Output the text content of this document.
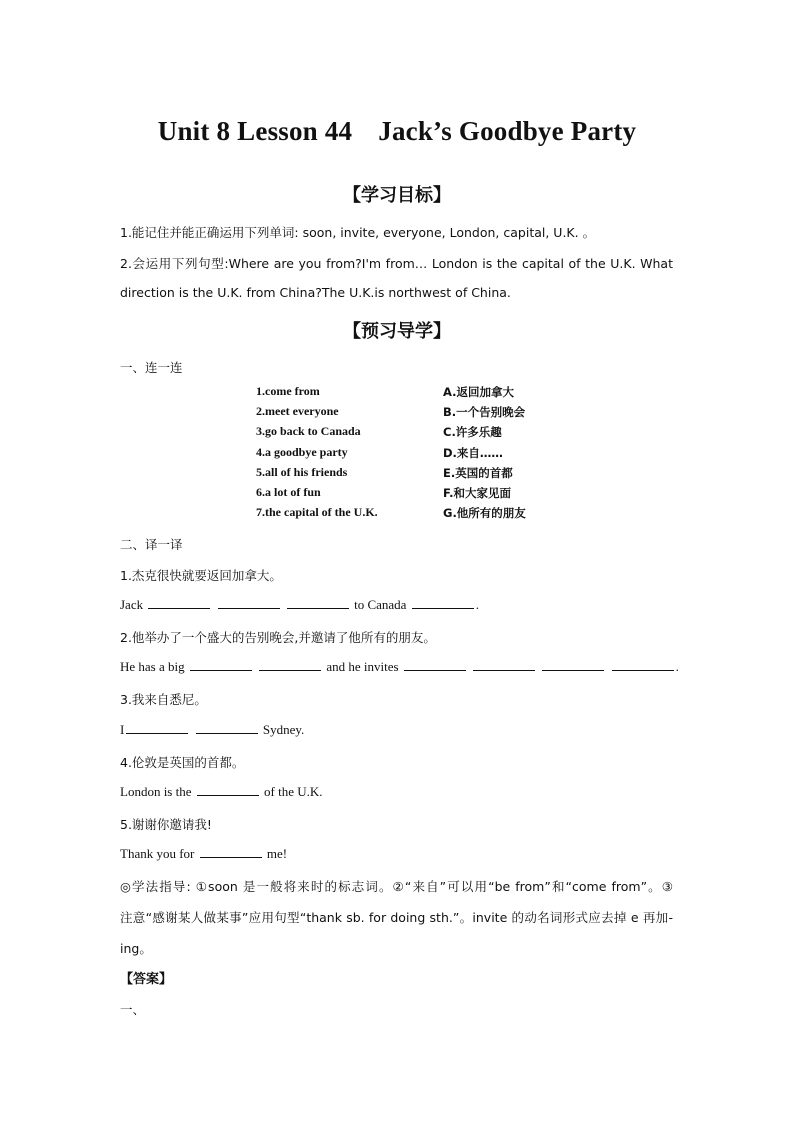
Unit 8 Lesson 44 Jack’s Goodbye Party
【学习目标】
1.能记住并能正确运用下列单词: soon, invite, everyone, London, capital, U.K. 。
2.会运用下列句型:Where are you from?I'm from… London is the capital of the U.K. What
direction is the U.K. from China?The U.K.is northwest of China.
【预习导学】
一、连一连
1.come from	A.返回加拿大
2.meet everyone	B.一个告别晚会
3.go back to Canada	C.许多乐趣
4.a goodbye party	D.来自……
5.all of his friends	E.英国的首都
6.a lot of fun	F.和大家见面
7.the capital of the U.K.	G.他所有的朋友
二、译一译
1.杰克很快就要返回加拿大。
Jack	to Canada	.
2.他举办了一个盛大的告别晚会,并邀请了他所有的朋友。
He has a big	and he invites	.
3.我来自悉尼。
I	Sydney.
4.伦敦是英国的首都。
London is the	of the U.K.
5.谢谢你邀请我!
Thank you for	me!
◎学法指导: ①soon 是一般将来时的标志词。②“来自”可以用“be from”和“come from”。③
注意“感谢某人做某事”应用句型“thank sb. for doing sth.”。invite 的动名词形式应去掉 e 再加-
ing。
【答案】
一、
